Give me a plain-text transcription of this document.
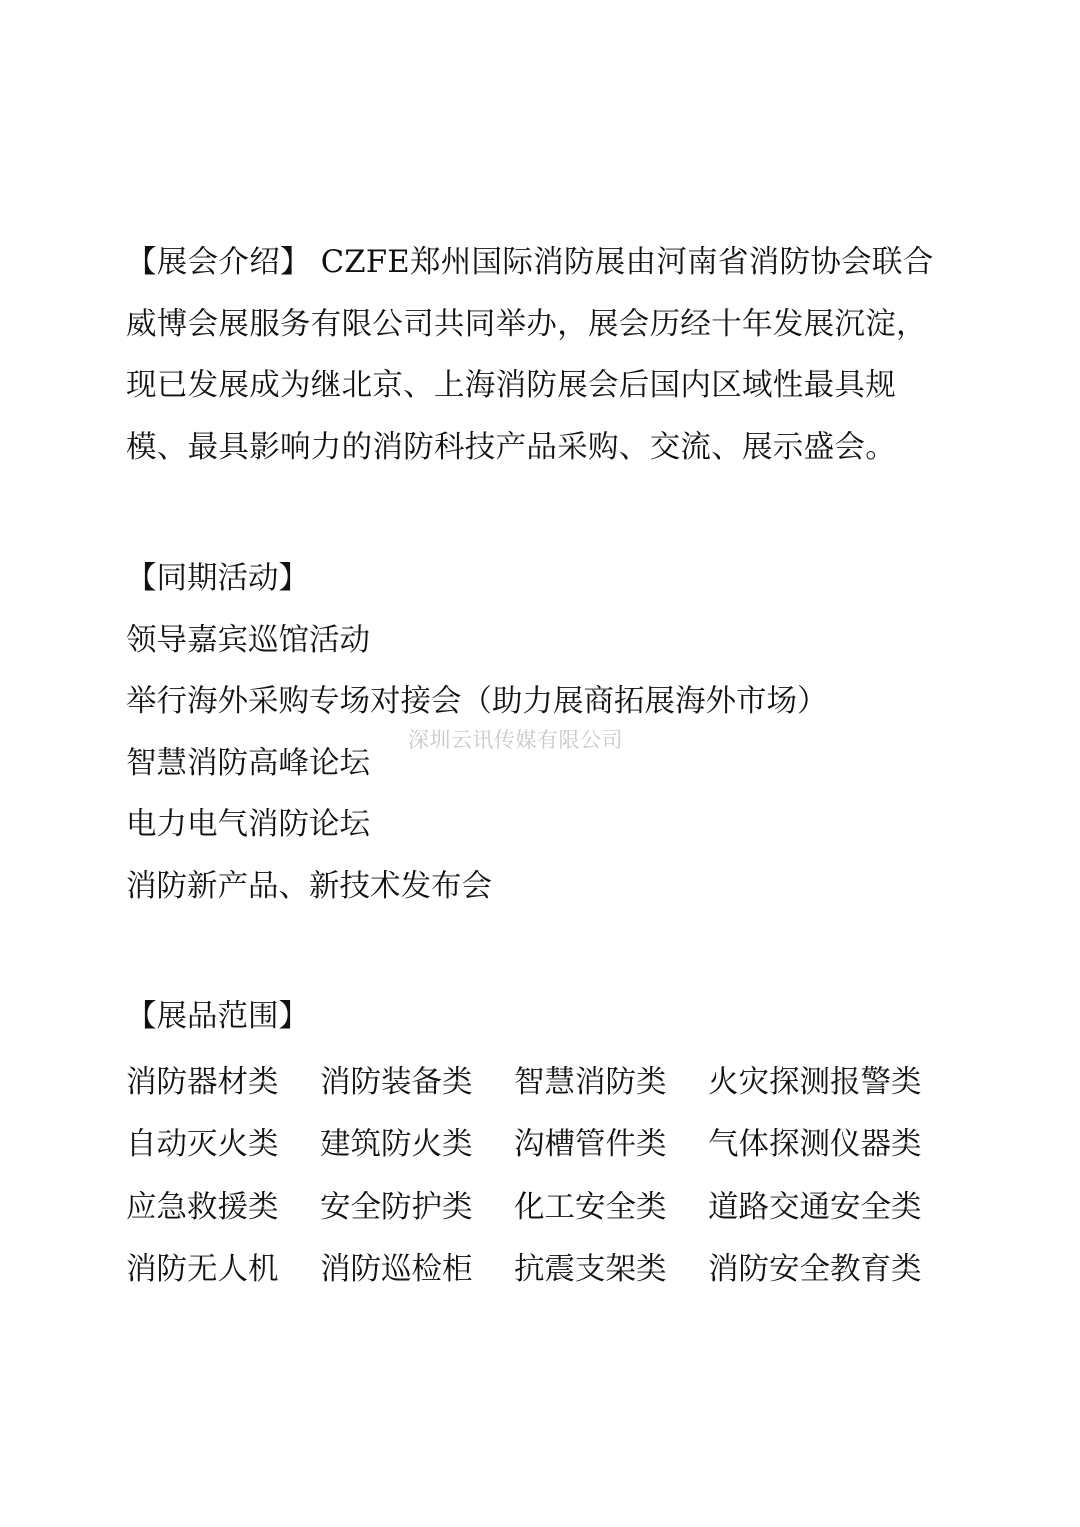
【展会介绍】 CZFE郑州国际消防展由河南省消防协会联合

威博会展服务有限公司共同举办，展会历经十年发展沉淀，

现已发展成为继北京、上海消防展会后国内区域性最具规

模、最具影响力的消防科技产品采购、交流、展示盛会。

【同期活动】
领导嘉宾巡馆活动
举行海外采购专场对接会（助力展商拓展海外市场）
智慧消防高峰论坛
电力电气消防论坛
消防新产品、新技术发布会
【展品范围】
消防器材类	消防装备类	智慧消防类	火灾探测报警类
自动灭火类	建筑防火类	沟槽管件类	气体探测仪器类
应急救援类	安全防护类	化工安全类	道路交通安全类
消防无人机	消防巡检柜	抗震支架类	消防安全教育类
深圳云讯传媒有限公司
